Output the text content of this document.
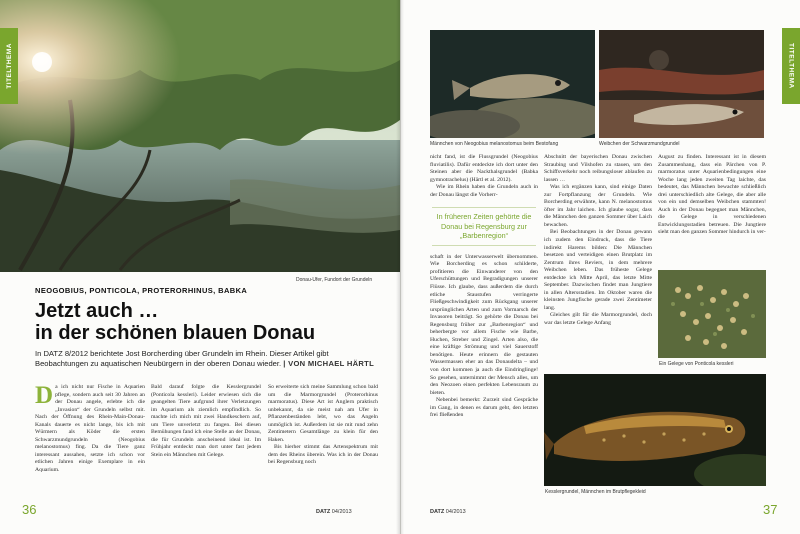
TITELTHEMA
Donau-Ufer, Fundort der Grundeln
NEOGOBIUS, PONTICOLA, PROTERORHINUS, BABKA
Jetzt auch …
in der schönen blauen Donau
In DATZ 8/2012 berichtete Jost Borcherding über Grundeln im Rhein. Dieser Artikel gibt Beobachtungen zu aquatischen Neubürgern in der oberen Donau wieder. | VON MICHAEL HÄRTL

Da ich nicht nur Fische in Aquarien pflege, sondern auch seit 30 Jahren an der Donau angele, erlebte ich die „Invasion“ der Grundeln selbst mit. Nach der Öffnung des Rhein-Main-Donau-Kanals dauerte es nicht lange, bis ich mit Würmern als Köder die ersten Schwarzmundgrundeln (Neogobius melanostomus) fing. Da die Tiere ganz interessant aussahen, setzte ich schon vor etlichen Jahren einige Exemplare in ein Aquarium.

Bald darauf folgte die Kesslergrundel (Ponticola kessleri). Leider erwiesen sich die geangelten Tiere aufgrund ihrer Verletzungen im Aquarium als ziemlich empfindlich. So machte ich mich mit zwei Handkeschern auf, um Tiere unverletzt zu fangen. Bei diesen Bemühungen fand ich eine Stelle an der Donau, die für Grundeln anscheinend ideal ist. Im Frühjahr entdeckt man dort unter fast jedem Stein ein Männchen mit Gelege.

So erweiterte sich meine Sammlung schon bald um die Marmorgrundel (Proterorhinus marmoratus). Diese Art ist Anglern praktisch unbekannt, da sie meist nah am Ufer in Pflanzenbeständen lebt, wo das Angeln unmöglich ist. Außerdem ist sie mit rund zehn Zentimetern Gesamtlänge zu klein für den Haken.

Bis hierher stimmt das Artenspektrum mit dem des Rheins überein. Was ich in der Donau bei Regensburg noch

36	DATZ 04/2013
TITELTHEMA
Männchen von Neogobius melanostomus beim Bestofang	Weibchen der Schwarzmundgrundel

nicht fand, ist die Flussgrundel (Neogobius fluviatilis). Dafür entdeckte ich dort unter den Steinen aber die Nackthalsgrundel (Babka gymnotrachelus) (Härtl et al. 2012).

Wie im Rhein haben die Grundeln auch in der Donau längst die Vorherr-

In früheren Zeiten gehörte die Donau bei Regensburg zur „Barbenregion“

schaft in der Unterwasserwelt übernommen. Wie Borcherding es schon schilderte, profitieren die Einwanderer von den Uferschüttungen und Begradigungen unserer Flüsse. Ich glaube, dass außerdem die durch etliche Staustufen verringerte Fließgeschwindigkeit zum Rückgang unserer ursprünglichen Arten und zum Vormarsch der Invasoren beiträgt. So gehörte die Donau bei Regensburg früher zur „Barbenregion“ und beherbergte vor allem Fische wie Barbe, Huchen, Streber und Zingel. Arten also, die eine kräftige Strömung und viel Sauerstoff benötigen. Heute erinnern die gestauten Wassermassen eher an das Donaudelta – und von dort kommen ja auch die Eindringlinge! So gesehen, unternimmt der Mensch alles, um den Neozoen einen perfekten Lebensraum zu bieten.

Nebenbei bemerkt: Zurzeit sind Gespräche im Gang, in denen es darum geht, den letzten frei fließenden

Abschnitt der bayerischen Donau zwischen Straubing und Vilshofen zu stauen, um den Schiffsverkehr noch reibungsloser ablaufen zu lassen …

Was ich ergänzen kann, sind einige Daten zur Fortpflanzung der Grundeln. Wie Borcherding erwähnte, kann N. melanostomus öfter im Jahr laichen. Ich glaube sogar, dass die Männchen den ganzen Sommer über Laich bewachen.

Bei Beobachtungen in der Donau gewann ich zudem den Eindruck, dass die Tiere indirekt Harems bilden: Die Männchen besetzen und verteidigen einen Brutplatz im Zentrum ihres Reviers, in dem mehrere Weibchen leben. Das früheste Gelege entdeckte ich Mitte April, das letzte Mitte September. Dazwischen findet man Jungtiere in allen Altersstadien. Im Oktober waren die kleinsten Jungfische gerade zwei Zentimeter lang.

Gleiches gilt für die Marmorgrundel, doch war das letzte Gelege Anfang

August zu finden. Interessant ist in diesem Zusammenhang, dass ein Pärchen von P. marmoratus unter Aquarienbedingungen eine Woche lang jeden zweiten Tag laichte, das bedeutet, das Männchen bewachte schließlich drei unterschiedlich alte Gelege, die aber alle von ein und demselben Weibchen stammten! Auch in der Donau begegnet man Männchen, die Gelege in verschiedenen Entwicklungsstadien betreuen. Die Jungtiere sieht man den ganzen Sommer hindurch in ver-

Ein Gelege von Ponticola kessleri
Kesslergrundel, Männchen im Brutpflegekleid
DATZ 04/2013	37
